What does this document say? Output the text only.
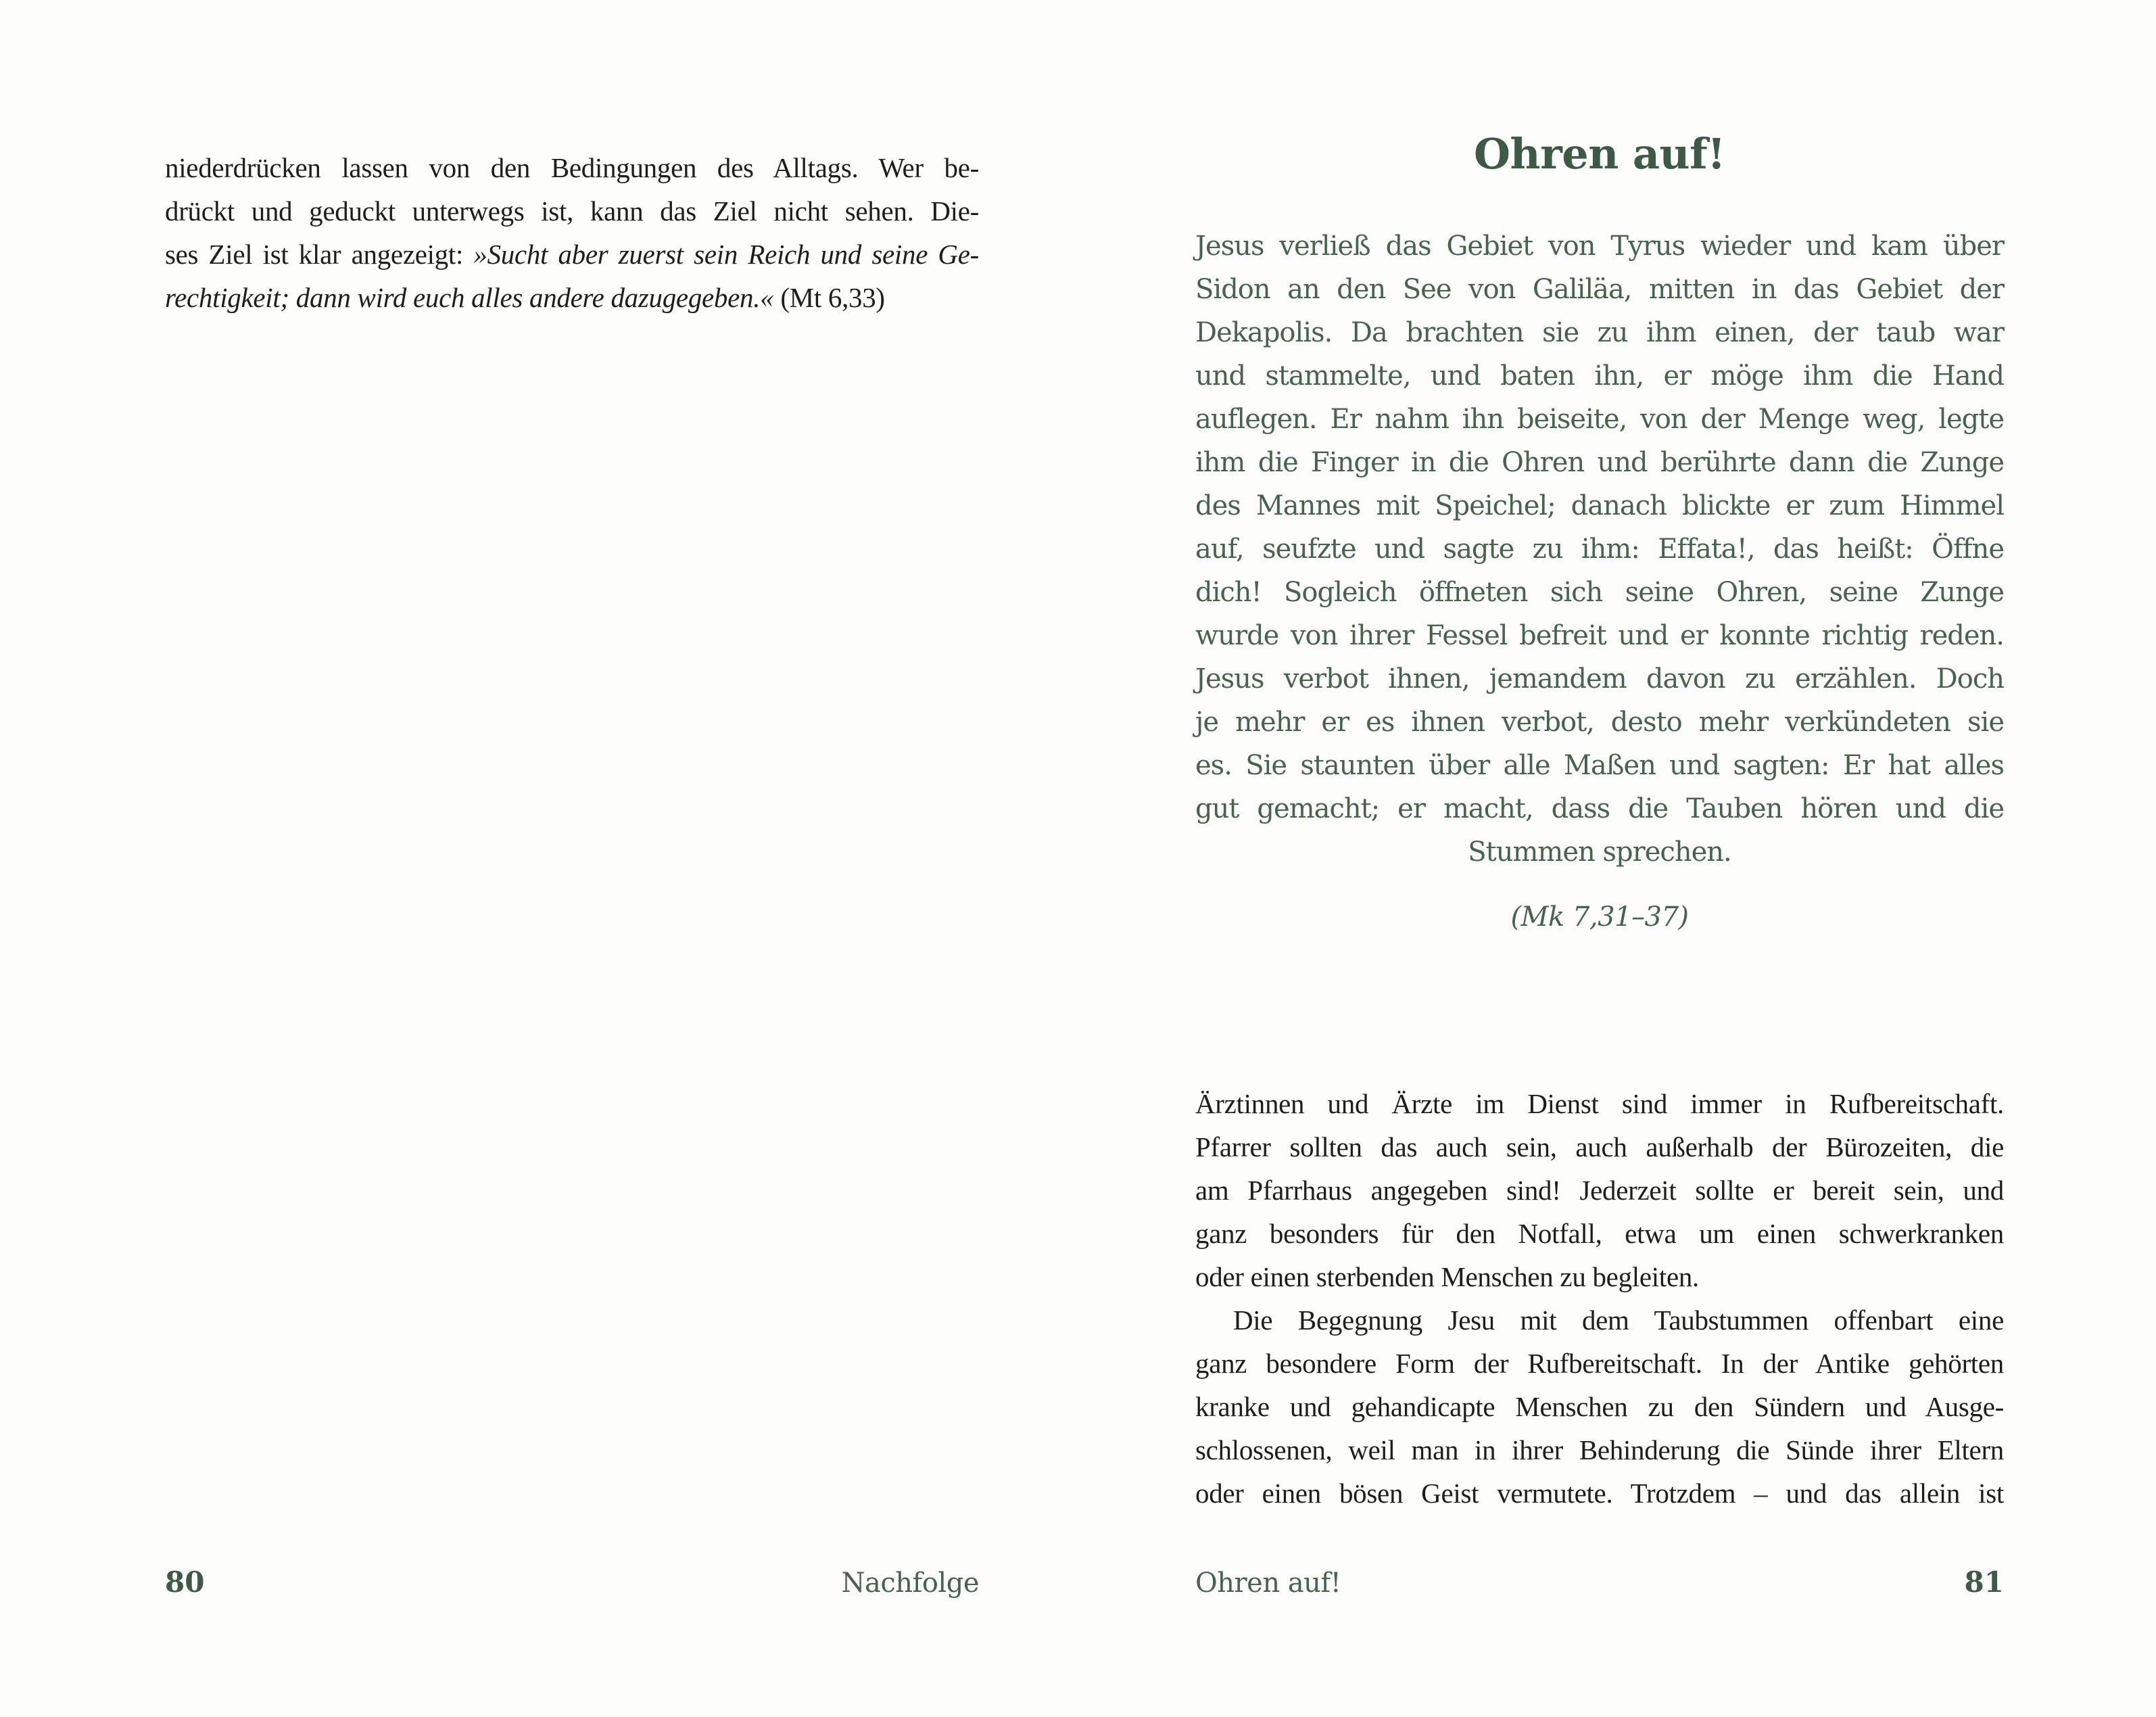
niederdrücken lassen von den Bedingungen des Alltags. Wer be-
drückt und geduckt unterwegs ist, kann das Ziel nicht sehen. Die-
ses Ziel ist klar angezeigt: »Sucht aber zuerst sein Reich und seine Ge-
rechtigkeit; dann wird euch alles andere dazugegeben.« (Mt 6,33)
80	Nachfolge
Ohren auf!
Jesus verließ das Gebiet von Tyrus wieder und kam über
Sidon an den See von Galiläa, mitten in das Gebiet der
Dekapolis. Da brachten sie zu ihm einen, der taub war
und stammelte, und baten ihn, er möge ihm die Hand
auflegen. Er nahm ihn beiseite, von der Menge weg, legte
ihm die Finger in die Ohren und berührte dann die Zunge
des Mannes mit Speichel; danach blickte er zum Himmel
auf, seufzte und sagte zu ihm: Effata!, das heißt: Öffne
dich! Sogleich öffneten sich seine Ohren, seine Zunge
wurde von ihrer Fessel befreit und er konnte richtig reden.
Jesus verbot ihnen, jemandem davon zu erzählen. Doch
je mehr er es ihnen verbot, desto mehr verkündeten sie
es. Sie staunten über alle Maßen und sagten: Er hat alles
gut gemacht; er macht, dass die Tauben hören und die
Stummen sprechen.
(Mk 7,31–37)
Ärztinnen und Ärzte im Dienst sind immer in Rufbereitschaft.
Pfarrer sollten das auch sein, auch außerhalb der Bürozeiten, die
am Pfarrhaus angegeben sind! Jederzeit sollte er bereit sein, und
ganz besonders für den Notfall, etwa um einen schwerkranken
oder einen sterbenden Menschen zu begleiten.
Die Begegnung Jesu mit dem Taubstummen offenbart eine
ganz besondere Form der Rufbereitschaft. In der Antike gehörten
kranke und gehandicapte Menschen zu den Sündern und Ausge-
schlossenen, weil man in ihrer Behinderung die Sünde ihrer Eltern
oder einen bösen Geist vermutete. Trotzdem – und das allein ist
Ohren auf!	81
